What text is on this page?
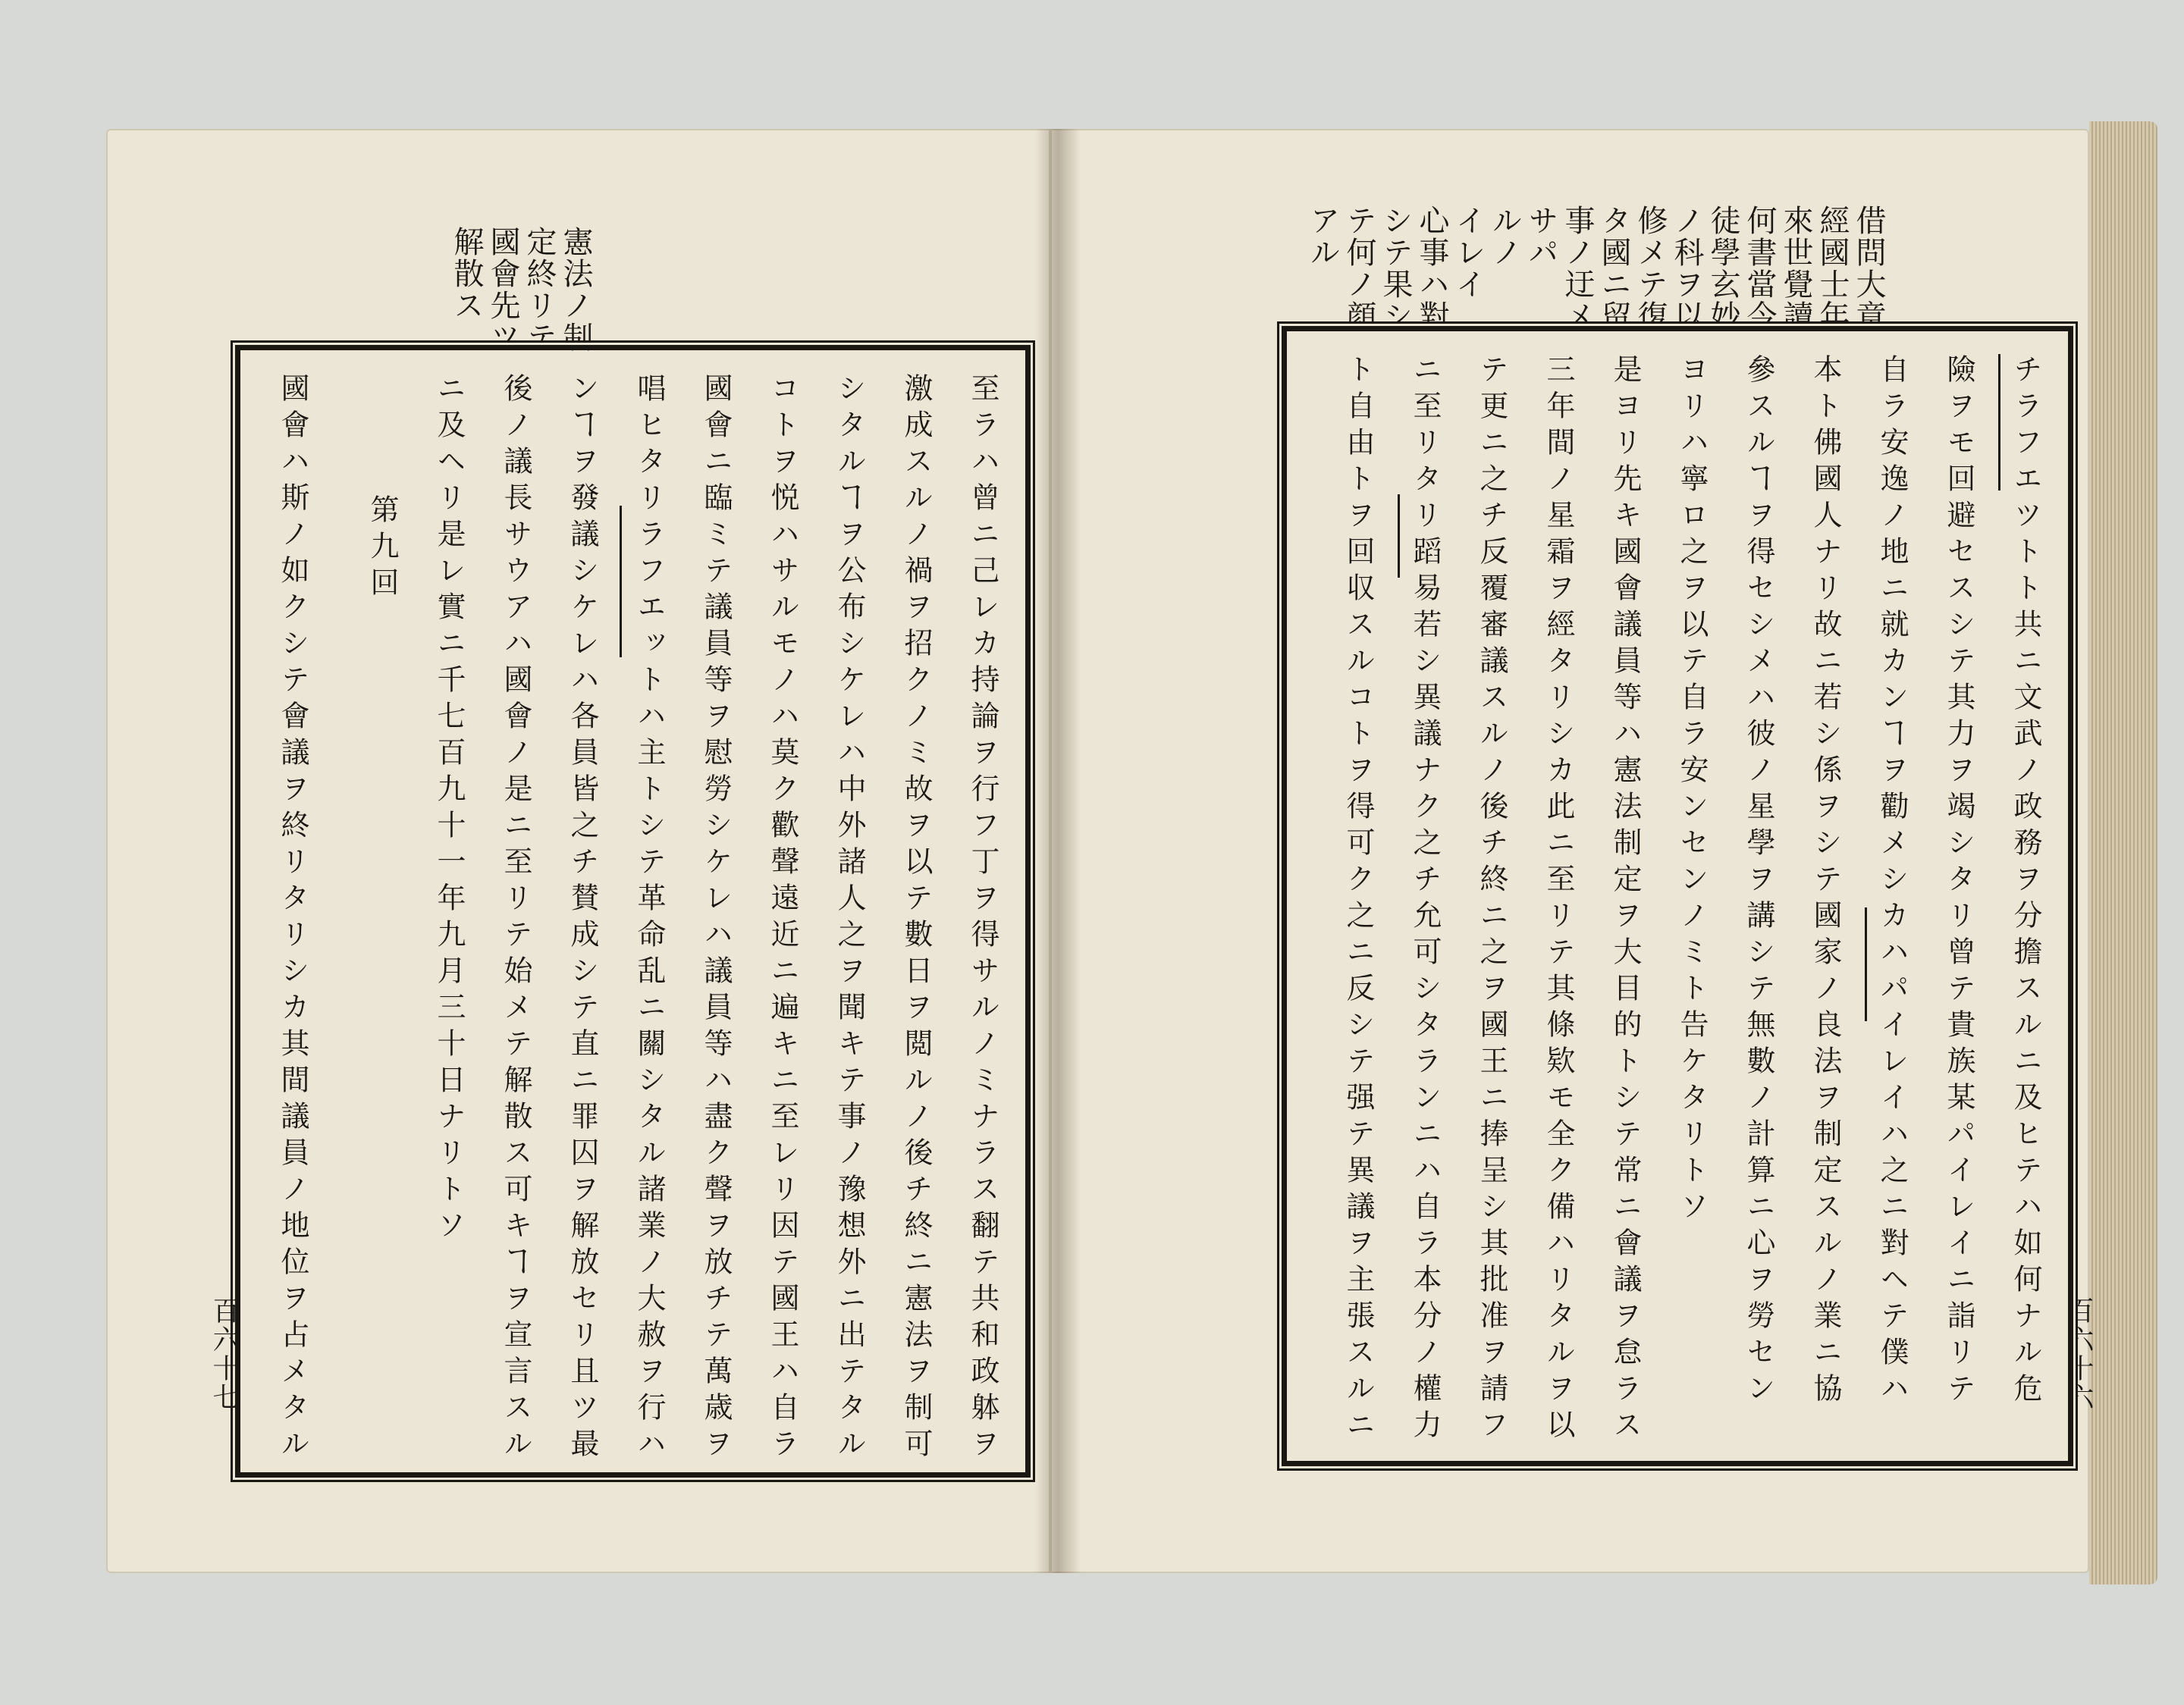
憲法ノ制
定終リテ
國會先ツ
解散ス
至ラハ曾ニ己レカ持論ヲ行フ丁ヲ得サルノミナラス翻テ共和政躰ヲ
激成スルノ禍ヲ招クノミ故ヲ以テ數日ヲ閲ルノ後チ終ニ憲法ヲ制可
シタルヿヲ公布シケレハ中外諸人之ヲ聞キテ事ノ豫想外ニ出テタル
コトヲ悦ハサルモノハ莫ク歡聲遠近ニ遍キニ至レリ因テ國王ハ自ラ
國會ニ臨ミテ議員等ヲ慰勞シケレハ議員等ハ盡ク聲ヲ放チテ萬歳ヲ
唱ヒタリラフエットハ主トシテ革命乱ニ關シタル諸業ノ大赦ヲ行ハ
ンヿヲ發議シケレハ各員皆之チ賛成シテ直ニ罪囚ヲ解放セリ且ツ最
後ノ議長サウアハ國會ノ是ニ至リテ始メテ解散ス可キヿヲ宣言スル
ニ及ヘリ是レ實ニ千七百九十一年九月三十日ナリトソ
第九回
國會ハ斯ノ如クシテ會議ヲ終リタリシカ其間議員ノ地位ヲ占メタル
百六十七
借問大章
經國士年
來世覺讀
何書當今
徒學玄妙
ノ科ヲ以
修メテ復
タ國ニ留
事ノ迂メ
サパ
ルノ
イレイ
心事ハ對
シテ果シ
テ何ノ顔
アル
百六十六
チラフエツトト共ニ文武ノ政務ヲ分擔スルニ及ヒテハ如何ナル危
險ヲモ回避セスシテ其力ヲ竭シタリ曾テ貴族某パイレイニ詣リテ
自ラ安逸ノ地ニ就カンヿヲ勸メシカハパイレイハ之ニ對ヘテ僕ハ
本ト佛國人ナリ故ニ若シ係ヲシテ國家ノ良法ヲ制定スルノ業ニ協
參スルヿヲ得セシメハ彼ノ星學ヲ講シテ無數ノ計算ニ心ヲ勞セン
ヨリハ寧ロ之ヲ以テ自ラ安ンセンノミト告ケタリトソ
是ヨリ先キ國會議員等ハ憲法制定ヲ大目的トシテ常ニ會議ヲ怠ラス
三年間ノ星霜ヲ經タリシカ此ニ至リテ其條欵モ全ク備ハリタルヲ以
テ更ニ之チ反覆審議スルノ後チ終ニ之ヲ國王ニ捧呈シ其批准ヲ請フ
ニ至リタリ蹈易若シ異議ナク之チ允可シタランニハ自ラ本分ノ權力
ト自由トヲ回収スルコトヲ得可ク之ニ反シテ强テ異議ヲ主張スルニ
